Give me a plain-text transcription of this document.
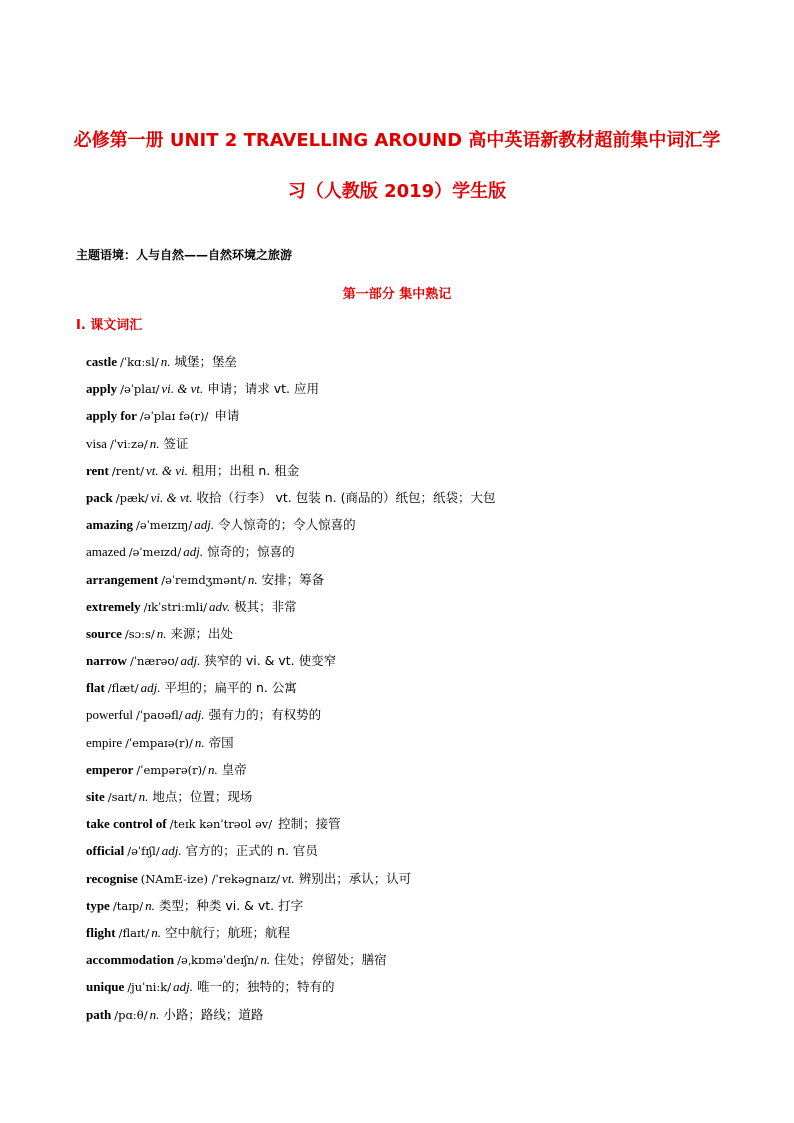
必修第一册 UNIT 2 TRAVELLING AROUND 高中英语新教材超前集中词汇学
习（人教版 2019）学生版
主题语境：人与自然——自然环境之旅游
第一部分 集中熟记
Ⅰ. 课文词汇
castle /ˈkɑːsl/ n. 城堡；堡垒
apply /əˈplaɪ/ vi. & vt. 申请；请求 vt. 应用
apply for /əˈplaɪ fə(r)/ 申请
visa /ˈviːzə/ n. 签证
rent /rent/ vt. & vi. 租用；出租 n. 租金
pack /pæk/ vi. & vt. 收拾（行李） vt. 包装 n. (商品的）纸包；纸袋；大包
amazing /əˈmeɪzɪŋ/ adj. 令人惊奇的；令人惊喜的
amazed /əˈmeɪzd/ adj. 惊奇的；惊喜的
arrangement /əˈreɪndʒmənt/ n. 安排；筹备
extremely /ɪkˈstriːmli/ adv. 极其；非常
source /sɔːs/ n. 来源；出处
narrow /ˈnærəʊ/ adj. 狭窄的 vi. & vt. 使变窄
flat /flæt/ adj. 平坦的；扁平的 n. 公寓
powerful /ˈpaʊəfl/ adj. 强有力的；有权势的
empire /ˈempaɪə(r)/ n. 帝国
emperor /ˈempərə(r)/ n. 皇帝
site /saɪt/ n. 地点；位置；现场
take control of /teɪk kənˈtrəʊl əv/ 控制；接管
official /əˈfɪʃl/ adj. 官方的；正式的 n. 官员
recognise (NAmE-ize) /ˈrekəgnaɪz/ vt. 辨别出；承认；认可
type /taɪp/ n. 类型；种类 vi. & vt. 打字
flight /flaɪt/ n. 空中航行；航班；航程
accommodation /əˌkɒməˈdeɪʃn/ n. 住处；停留处；膳宿
unique /juˈniːk/ adj. 唯一的；独特的；特有的
path /pɑːθ/ n. 小路；路线；道路
